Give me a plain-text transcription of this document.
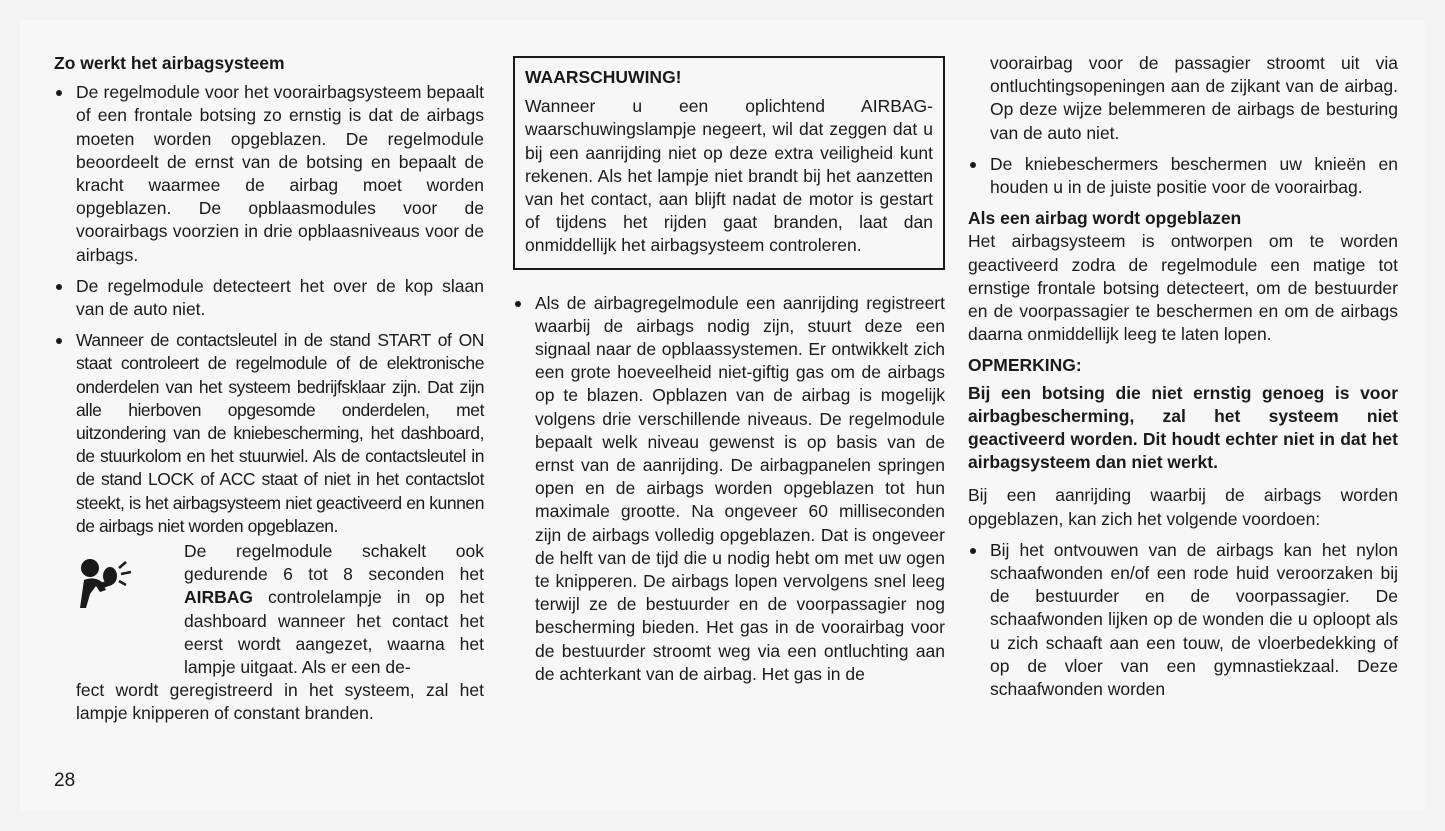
Zo werkt het airbagsysteem
De regelmodule voor het voorairbagsysteem bepaalt of een frontale botsing zo ernstig is dat de airbags moeten worden opgeblazen. De regelmodule beoordeelt de ernst van de botsing en bepaalt de kracht waarmee de airbag moet worden opgeblazen. De opblaasmodules voor de voorairbags voorzien in drie opblaasniveaus voor de airbags.
De regelmodule detecteert het over de kop slaan van de auto niet.
Wanneer de contactsleutel in de stand START of ON staat controleert de regelmodule of de elektronische onderdelen van het systeem bedrijfsklaar zijn. Dat zijn alle hierboven opgesomde onderdelen, met uitzondering van de kniebescherming, het dashboard, de stuurkolom en het stuurwiel. Als de contactsleutel in de stand LOCK of ACC staat of niet in het contactslot steekt, is het airbagsysteem niet geactiveerd en kunnen de airbags niet worden opgeblazen.
De regelmodule schakelt ook gedurende 6 tot 8 seconden het AIRBAG controlelampje in op het dashboard wanneer het contact het eerst wordt aangezet, waarna het lampje uitgaat. Als er een de-
fect wordt geregistreerd in het systeem, zal het lampje knipperen of constant branden.
WAARSCHUWING!
Wanneer u een oplichtend AIRBAG-waarschuwingslampje negeert, wil dat zeggen dat u bij een aanrijding niet op deze extra veiligheid kunt rekenen. Als het lampje niet brandt bij het aanzetten van het contact, aan blijft nadat de motor is gestart of tijdens het rijden gaat branden, laat dan onmiddellijk het airbagsysteem controleren.
Als de airbagregelmodule een aanrijding registreert waarbij de airbags nodig zijn, stuurt deze een signaal naar de opblaassystemen. Er ontwikkelt zich een grote hoeveelheid niet-giftig gas om de airbags op te blazen. Opblazen van de airbag is mogelijk volgens drie verschillende niveaus. De regelmodule bepaalt welk niveau gewenst is op basis van de ernst van de aanrijding. De airbagpanelen springen open en de airbags worden opgeblazen tot hun maximale grootte. Na ongeveer 60 milliseconden zijn de airbags volledig opgeblazen. Dat is ongeveer de helft van de tijd die u nodig hebt om met uw ogen te knipperen. De airbags lopen vervolgens snel leeg terwijl ze de bestuurder en de voorpassagier nog bescherming bieden. Het gas in de voorairbag voor de bestuurder stroomt weg via een ontluchting aan de achterkant van de airbag. Het gas in de
voorairbag voor de passagier stroomt uit via ontluchtingsopeningen aan de zijkant van de airbag. Op deze wijze belemmeren de airbags de besturing van de auto niet.
De kniebeschermers beschermen uw knieën en houden u in de juiste positie voor de voorairbag.
Als een airbag wordt opgeblazen

Het airbagsysteem is ontworpen om te worden geactiveerd zodra de regelmodule een matige tot ernstige frontale botsing detecteert, om de bestuurder en de voorpassagier te beschermen en om de airbags daarna onmiddellijk leeg te laten lopen.

OPMERKING:
Bij een botsing die niet ernstig genoeg is voor airbagbescherming, zal het systeem niet geactiveerd worden. Dit houdt echter niet in dat het airbagsysteem dan niet werkt.

Bij een aanrijding waarbij de airbags worden opgeblazen, kan zich het volgende voordoen:

Bij het ontvouwen van de airbags kan het nylon schaafwonden en/of een rode huid veroorzaken bij de bestuurder en de voorpassagier. De schaafwonden lijken op de wonden die u oploopt als u zich schaaft aan een touw, de vloerbedekking of op de vloer van een gymnastiekzaal. Deze schaafwonden worden
28
